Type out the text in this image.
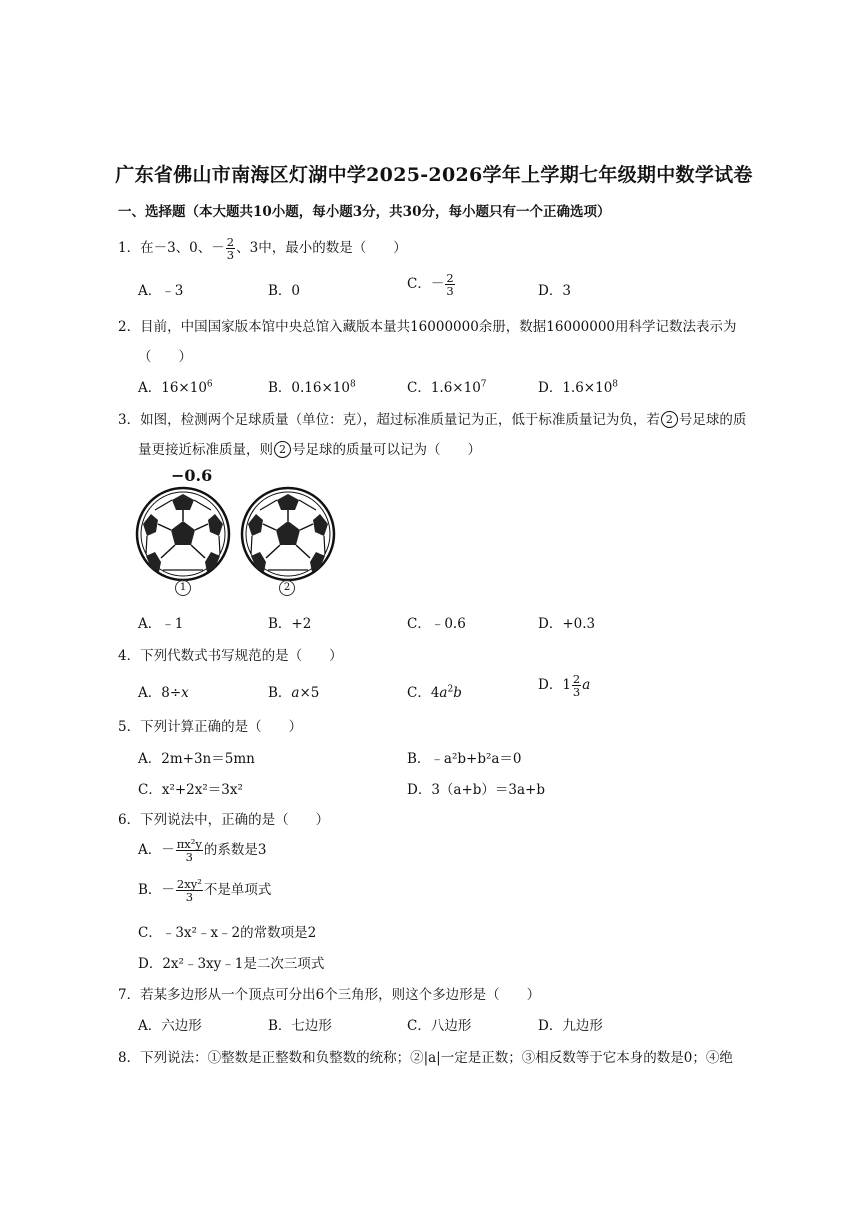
广东省佛山市南海区灯湖中学2025-2026学年上学期七年级期中数学试卷
一、选择题（本大题共10小题，每小题3分，共30分，每小题只有一个正确选项）
1．在－3、0、－ $\frac{2}{3}$ 、3中，最小的数是（　　）
A．﹣3	B．0	C．－ $\frac{2}{3}$	D．3
2．目前，中国国家版本馆中央总馆入藏版本量共16000000余册，数据16000000用科学记数法表示为
（　　）
A．$16\times 10^6$	B．$0.16\times 10^8$	C．$1.6\times 10^7$	D．$1.6\times 10^8$
3．如图，检测两个足球质量（单位：克），超过标准质量记为正，低于标准质量记为负，若 2 号足球的质
量更接近标准质量，则 2 号足球的质量可以记为（　　）
−0.6
1	2
A．﹣1	B．+2	C．﹣0.6	D．+0.3
4．下列代数式书写规范的是（　　）
A．8÷x	B．a×5	C．$4a^2b$	D．$1 \frac{2}{3}$ a
5．下列计算正确的是（　　）
A．2m+3n＝5mn	B．﹣a²b+b²a＝0
C．x²+2x²＝3x²	D．3（a+b）＝3a+b
6．下列说法中，正确的是（　　）
A．－ $\frac{\text{πx²y}}{3}$ 的系数是3
B．－ $\frac{\text{2xy²}}{3}$ 不是单项式
C．﹣3x²﹣x﹣2的常数项是2
D．2x²﹣3xy﹣1是二次三项式
7．若某多边形从一个顶点可分出6个三角形，则这个多边形是（　　）
A．六边形	B．七边形	C．八边形	D．九边形
8．下列说法：①整数是正整数和负整数的统称；②|a|一定是正数；③相反数等于它本身的数是0；④绝
